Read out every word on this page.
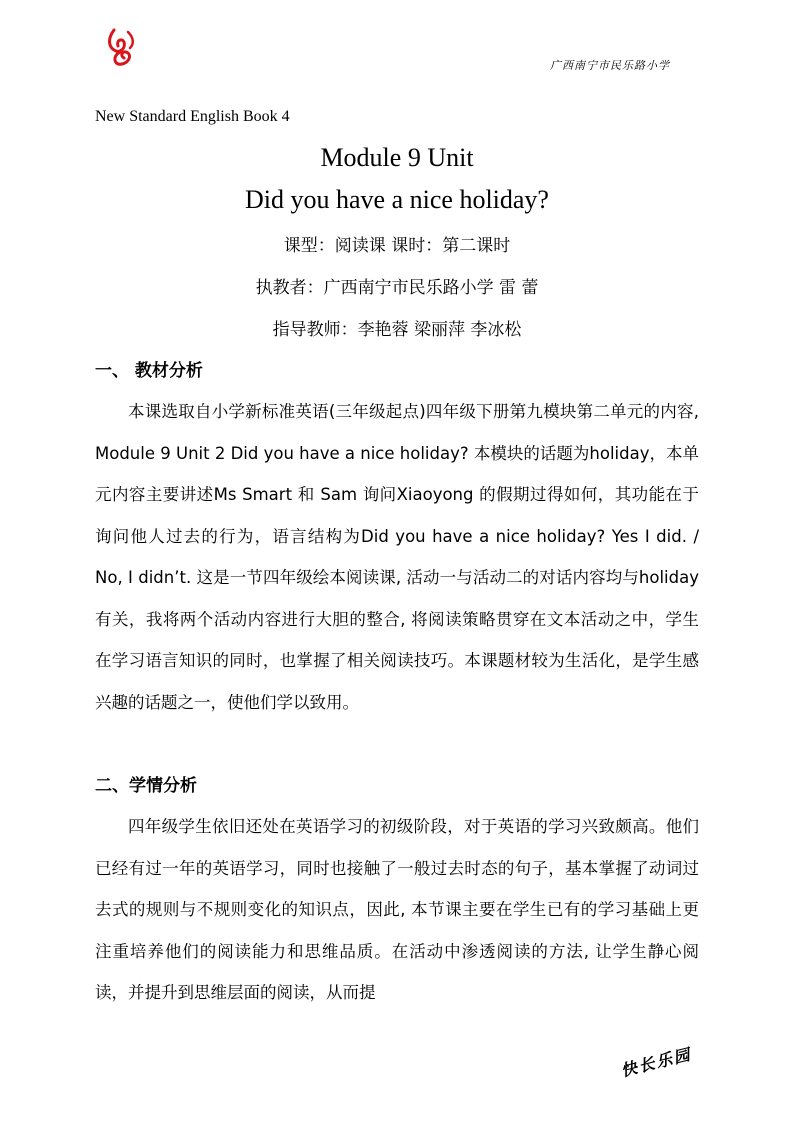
广西南宁市民乐路小学
New Standard English Book 4
Module 9 Unit
Did you have a nice holiday?
课型：阅读课 课时：第二课时
执教者：广西南宁市民乐路小学 雷 蕾
指导教师：李艳蓉 梁丽萍 李冰松
一、 教材分析
本课选取自小学新标准英语(三年级起点)四年级下册第九模块第二单元的内容, Module 9 Unit 2 Did you have a nice holiday? 本模块的话题为holiday，本单元内容主要讲述Ms Smart 和 Sam 询问Xiaoyong 的假期过得如何，其功能在于询问他人过去的行为，语言结构为Did you have a nice holiday? Yes I did. / No, I didn’t. 这是一节四年级绘本阅读课, 活动一与活动二的对话内容均与holiday 有关，我将两个活动内容进行大胆的整合, 将阅读策略贯穿在文本活动之中，学生在学习语言知识的同时，也掌握了相关阅读技巧。本课题材较为生活化，是学生感兴趣的话题之一，使他们学以致用。
二、学情分析
四年级学生依旧还处在英语学习的初级阶段，对于英语的学习兴致颇高。他们已经有过一年的英语学习，同时也接触了一般过去时态的句子，基本掌握了动词过去式的规则与不规则变化的知识点，因此, 本节课主要在学生已有的学习基础上更注重培养他们的阅读能力和思维品质。在活动中渗透阅读的方法, 让学生静心阅读，并提升到思维层面的阅读，从而提
快长乐园
